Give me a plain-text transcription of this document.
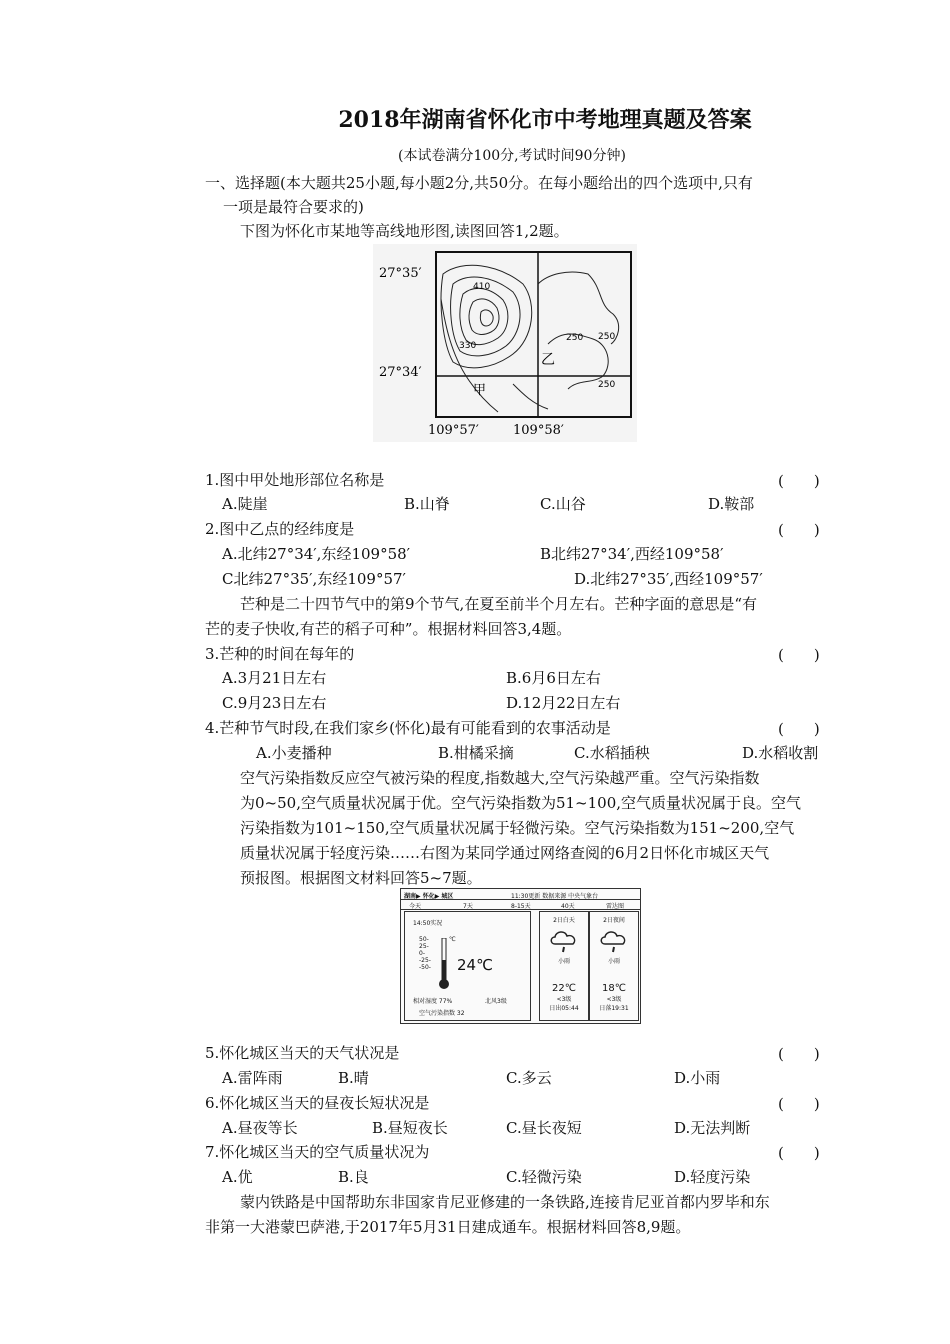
2018年湖南省怀化市中考地理真题及答案
(本试卷满分100分,考试时间90分钟)
一、选择题(本大题共25小题,每小题2分,共50分。在每小题给出的四个选项中,只有
一项是最符合要求的)
下图为怀化市某地等高线地形图,读图回答1,2题。
27°35′
27°34′
109°57′	109°58′
410
330
250 250
250
乙
甲
1.图中甲处地形部位名称是	(　　)
A.陡崖	B.山脊	C.山谷	D.鞍部
2.图中乙点的经纬度是	(　　)
A.北纬27°34′,东经109°58′	B北纬27°34′,西经109°58′
C北纬27°35′,东经109°57′	D.北纬27°35′,西经109°57′
芒种是二十四节气中的第9个节气,在夏至前半个月左右。芒种字面的意思是“有
芒的麦子快收,有芒的稻子可种”。根据材料回答3,4题。
3.芒种的时间在每年的	(　　)
A.3月21日左右	B.6月6日左右
C.9月23日左右	D.12月22日左右
4.芒种节气时段,在我们家乡(怀化)最有可能看到的农事活动是	(　　)
A.小麦播种	B.柑橘采摘	C.水稻插秧	D.水稻收割
空气污染指数反应空气被污染的程度,指数越大,空气污染越严重。空气污染指数
为0~50,空气质量状况属于优。空气污染指数为51~100,空气质量状况属于良。空气
污染指数为101~150,空气质量状况属于轻微污染。空气污染指数为151~200,空气
质量状况属于轻度污染……右图为某同学通过网络查阅的6月2日怀化市城区天气
预报图。根据图文材料回答5~7题。
湖南▶ 怀化▶ 城区	11:30更新 数据来源 中央气象台
今天	7天	8-15天	40天	雷达图
14:50实况
℃
50-
25-
0-
-25-
-50- 24℃
相对湿度 77%	北风3级
空气污染指数 32
2日白天
小雨
22℃
<3级
日出05:44
2日夜间
小雨
18℃
<3级
日落19:31
5.怀化城区当天的天气状况是	(　　)
A.雷阵雨	B.晴	C.多云	D.小雨
6.怀化城区当天的昼夜长短状况是	(　　)
A.昼夜等长	B.昼短夜长	C.昼长夜短	D.无法判断
7.怀化城区当天的空气质量状况为	(　　)
A.优	B.良	C.轻微污染	D.轻度污染
蒙内铁路是中国帮助东非国家肯尼亚修建的一条铁路,连接肯尼亚首都内罗毕和东
非第一大港蒙巴萨港,于2017年5月31日建成通车。根据材料回答8,9题。
